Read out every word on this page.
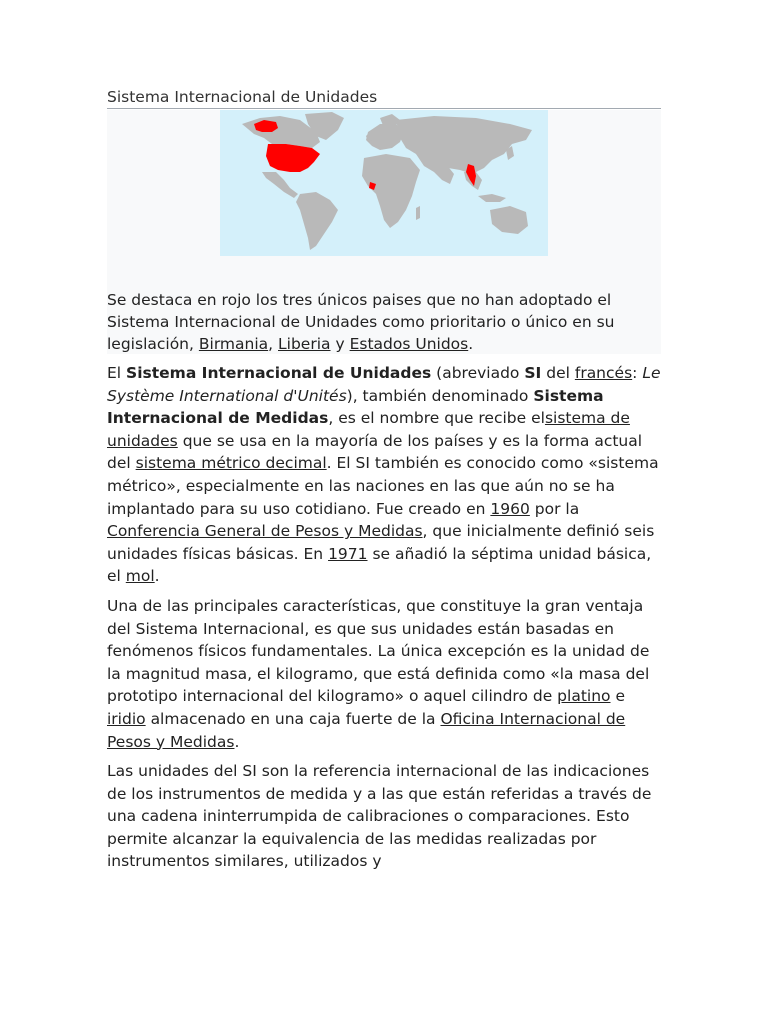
Sistema Internacional de Unidades
Se destaca en rojo los tres únicos paises que no han adoptado el Sistema Internacional de Unidades como prioritario o único en su legislación, Birmania, Liberia y Estados Unidos.

El Sistema Internacional de Unidades (abreviado SI del francés: Le Système International d'Unités), también denominado Sistema Internacional de Medidas, es el nombre que recibe elsistema de unidades que se usa en la mayoría de los países y es la forma actual del sistema métrico decimal. El SI también es conocido como «sistema métrico», especialmente en las naciones en las que aún no se ha implantado para su uso cotidiano. Fue creado en 1960 por la Conferencia General de Pesos y Medidas, que inicialmente definió seis unidades físicas básicas. En 1971 se añadió la séptima unidad básica, el mol.

Una de las principales características, que constituye la gran ventaja del Sistema Internacional, es que sus unidades están basadas en fenómenos físicos fundamentales. La única excepción es la unidad de la magnitud masa, el kilogramo, que está definida como «la masa del prototipo internacional del kilogramo» o aquel cilindro de platino e iridio almacenado en una caja fuerte de la Oficina Internacional de Pesos y Medidas.

Las unidades del SI son la referencia internacional de las indicaciones de los instrumentos de medida y a las que están referidas a través de una cadena ininterrumpida de calibraciones o comparaciones. Esto permite alcanzar la equivalencia de las medidas realizadas por instrumentos similares, utilizados y
